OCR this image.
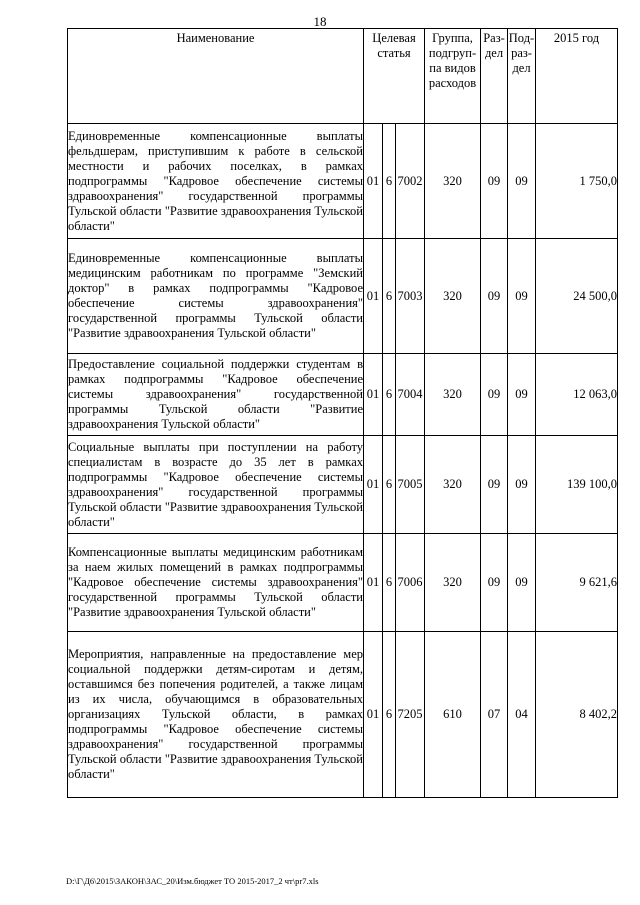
18
Наименование	Целевая статья			Группа, подгруп-па видов расходов	Раз-дел	Под-раз-дел	2015 год
Единовременные компенсационные выплаты фельдшерам, приступившим к работе в сельской местности и рабочих поселках, в рамках подпрограммы "Кадровое обеспечение системы здравоохранения" государственной программы Тульской области "Развитие здравоохранения Тульской области"	01	6	7002	320	09	09	1 750,0
Единовременные компенсационные выплаты медицинским работникам по программе "Земский доктор" в рамках подпрограммы "Кадровое обеспечение системы здравоохранения" государственной программы Тульской области "Развитие здравоохранения Тульской области"	01	6	7003	320	09	09	24 500,0
Предоставление социальной поддержки студентам в рамках подпрограммы "Кадровое обеспечение системы здравоохранения" государственной программы Тульской области "Развитие здравоохранения Тульской области"	01	6	7004	320	09	09	12 063,0
Социальные выплаты при поступлении на работу специалистам в возрасте до 35 лет в рамках подпрограммы "Кадровое обеспечение системы здравоохранения" государственной программы Тульской области "Развитие здравоохранения Тульской области"	01	6	7005	320	09	09	139 100,0
Компенсационные выплаты медицинским работникам за наем жилых помещений в рамках подпрограммы "Кадровое обеспечение системы здравоохранения" государственной программы Тульской области "Развитие здравоохранения Тульской области"	01	6	7006	320	09	09	9 621,6
Мероприятия, направленные на предоставление мер социальной поддержки детям-сиротам и детям, оставшимся без попечения родителей, а также лицам из их числа, обучающимся в образовательных организациях Тульской области, в рамках подпрограммы "Кадровое обеспечение системы здравоохранения" государственной программы Тульской области "Развитие здравоохранения Тульской области"	01	6	7205	610	07	04	8 402,2
D:\Г\Д6\2015\ЗАКОН\ЗАС_20\Изм.бюджет ТО 2015-2017_2 чт\pr7.xls
